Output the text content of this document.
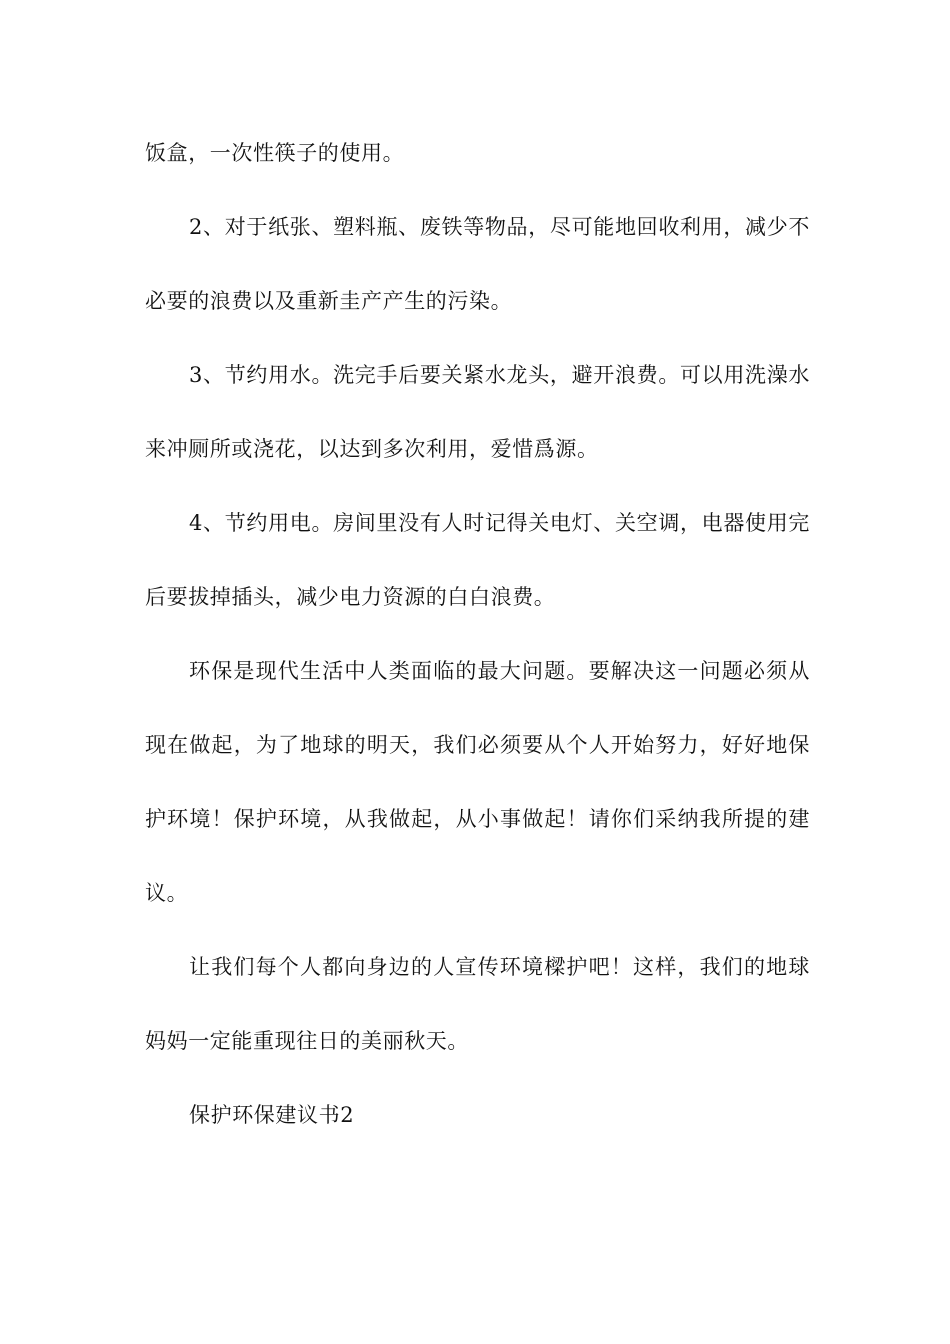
饭盒，一次性筷子的使用。

2、对于纸张、塑料瓶、废铁等物品，尽可能地回收利用，减少不必要的浪费以及重新圭产产生的污染。

3、节约用水。洗完手后要关紧水龙头，避开浪费。可以用洗澡水来冲厕所或浇花，以达到多次利用，爱惜爲源。

4、节约用电。房间里没有人时记得关电灯、关空调，电器使用完后要拔掉插头，减少电力资源的白白浪费。

环保是现代生活中人类面临的最大问题。要解决这一问题必须从现在做起，为了地球的明天，我们必须要从个人开始努力，好好地保护环境！保护环境，从我做起，从小事做起！请你们采纳我所提的建议。

让我们每个人都向身边的人宣传环境樑护吧！这样，我们的地球妈妈一定能重现往日的美丽秋天。

保护环保建议书2
